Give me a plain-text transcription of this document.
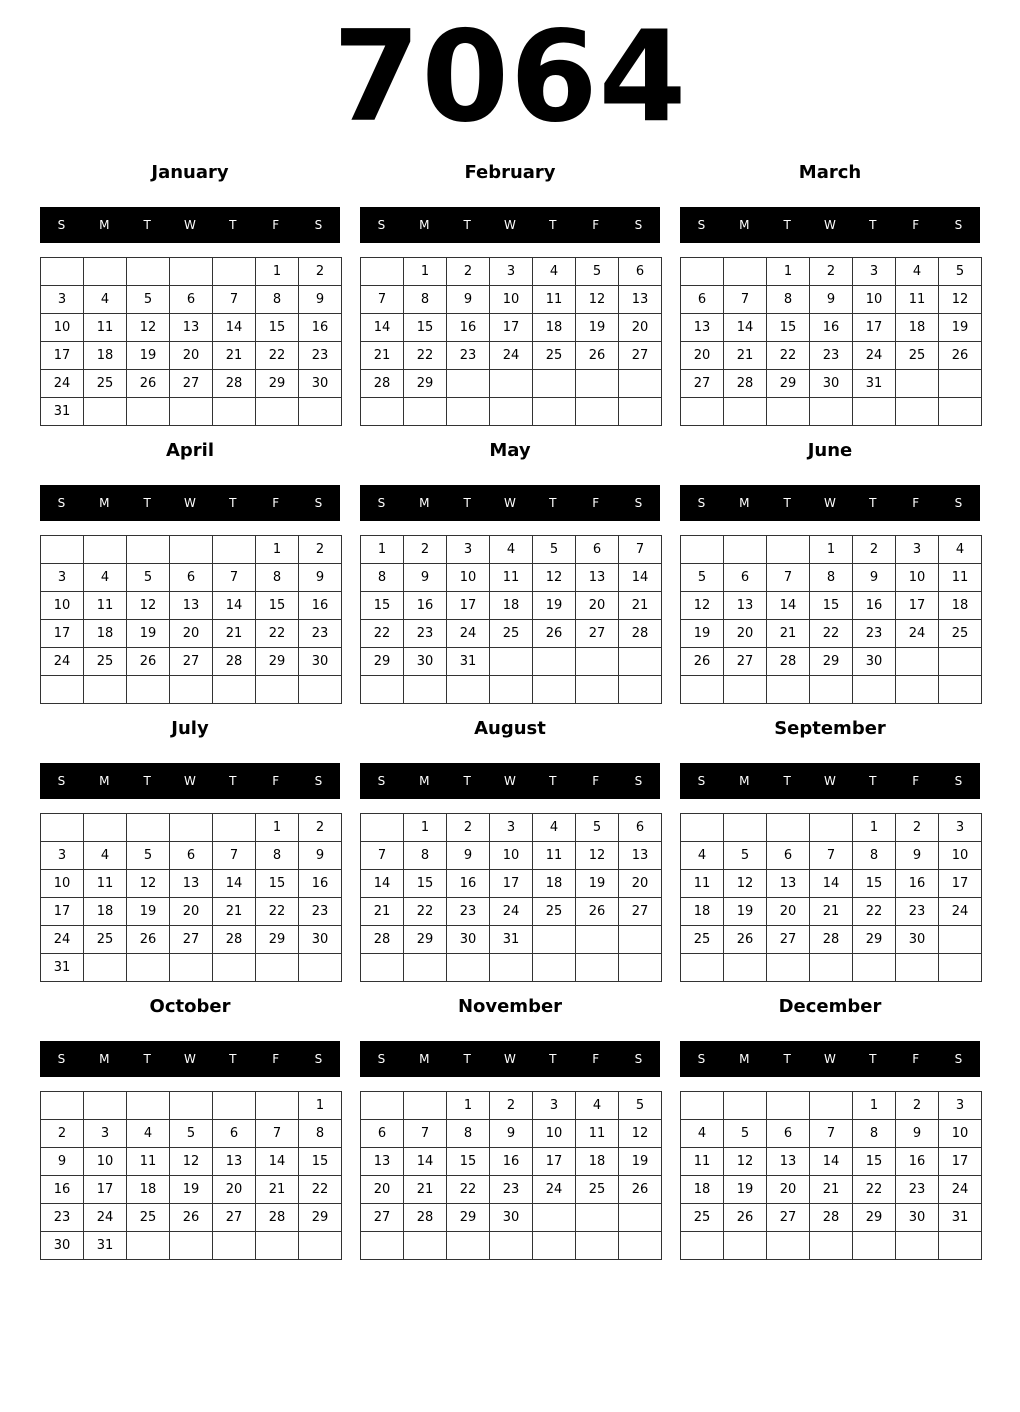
7064
January
S	M	T	W	T	F	S
					1	2
3	4	5	6	7	8	9
10	11	12	13	14	15	16
17	18	19	20	21	22	23
24	25	26	27	28	29	30
31						
February
S	M	T	W	T	F	S
	1	2	3	4	5	6
7	8	9	10	11	12	13
14	15	16	17	18	19	20
21	22	23	24	25	26	27
28	29					

March
S	M	T	W	T	F	S
		1	2	3	4	5
6	7	8	9	10	11	12
13	14	15	16	17	18	19
20	21	22	23	24	25	26
27	28	29	30	31		

April
S	M	T	W	T	F	S
					1	2
3	4	5	6	7	8	9
10	11	12	13	14	15	16
17	18	19	20	21	22	23
24	25	26	27	28	29	30

May
S	M	T	W	T	F	S
1	2	3	4	5	6	7
8	9	10	11	12	13	14
15	16	17	18	19	20	21
22	23	24	25	26	27	28
29	30	31				

June
S	M	T	W	T	F	S
			1	2	3	4
5	6	7	8	9	10	11
12	13	14	15	16	17	18
19	20	21	22	23	24	25
26	27	28	29	30		

July
S	M	T	W	T	F	S
					1	2
3	4	5	6	7	8	9
10	11	12	13	14	15	16
17	18	19	20	21	22	23
24	25	26	27	28	29	30
31						
August
S	M	T	W	T	F	S
	1	2	3	4	5	6
7	8	9	10	11	12	13
14	15	16	17	18	19	20
21	22	23	24	25	26	27
28	29	30	31			

September
S	M	T	W	T	F	S
				1	2	3
4	5	6	7	8	9	10
11	12	13	14	15	16	17
18	19	20	21	22	23	24
25	26	27	28	29	30	

October
S	M	T	W	T	F	S
						1
2	3	4	5	6	7	8
9	10	11	12	13	14	15
16	17	18	19	20	21	22
23	24	25	26	27	28	29
30	31					
November
S	M	T	W	T	F	S
		1	2	3	4	5
6	7	8	9	10	11	12
13	14	15	16	17	18	19
20	21	22	23	24	25	26
27	28	29	30			

December
S	M	T	W	T	F	S
				1	2	3
4	5	6	7	8	9	10
11	12	13	14	15	16	17
18	19	20	21	22	23	24
25	26	27	28	29	30	31
